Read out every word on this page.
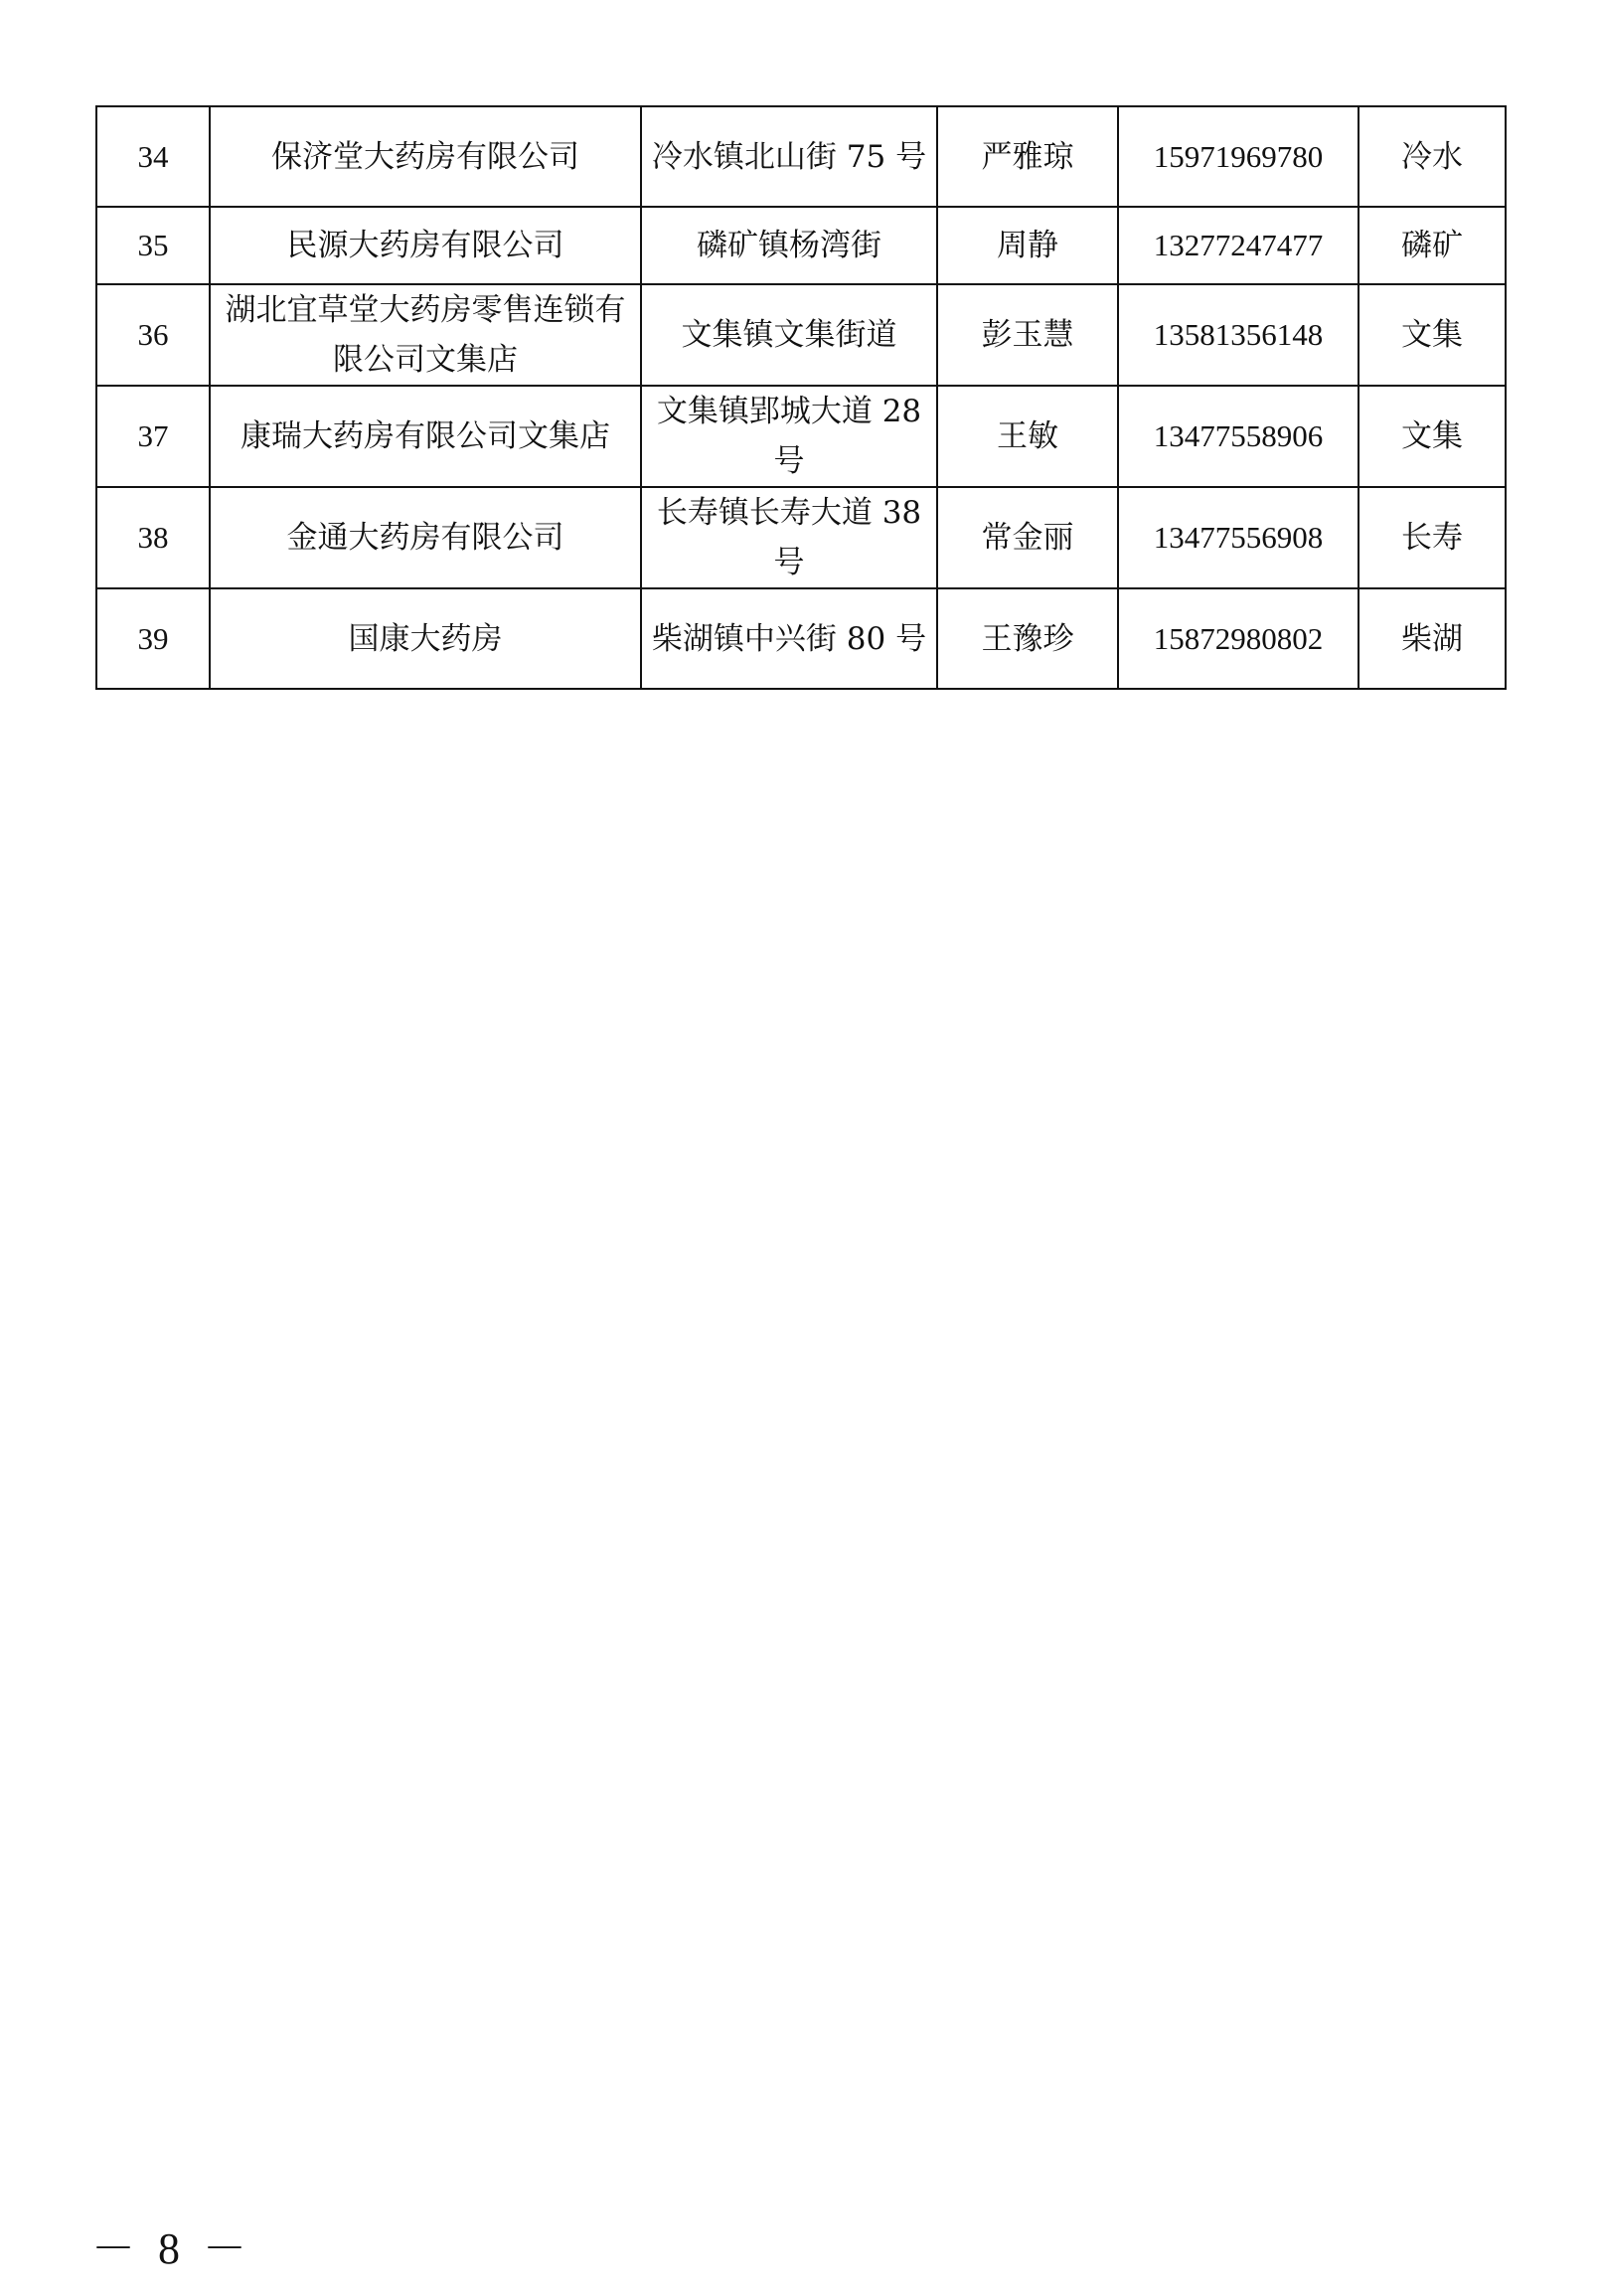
34	保济堂大药房有限公司	冷水镇北山街 75 号	严雅琼	15971969780	冷水
35	民源大药房有限公司	磷矿镇杨湾街	周静	13277247477	磷矿
36	湖北宜草堂大药房零售连锁有限公司文集店	文集镇文集街道	彭玉慧	13581356148	文集
37	康瑞大药房有限公司文集店	文集镇郢城大道 28 号	王敏	13477558906	文集
38	金通大药房有限公司	长寿镇长寿大道 38 号	常金丽	13477556908	长寿
39	国康大药房	柴湖镇中兴街 80 号	王豫珍	15872980802	柴湖
－ 8 －
